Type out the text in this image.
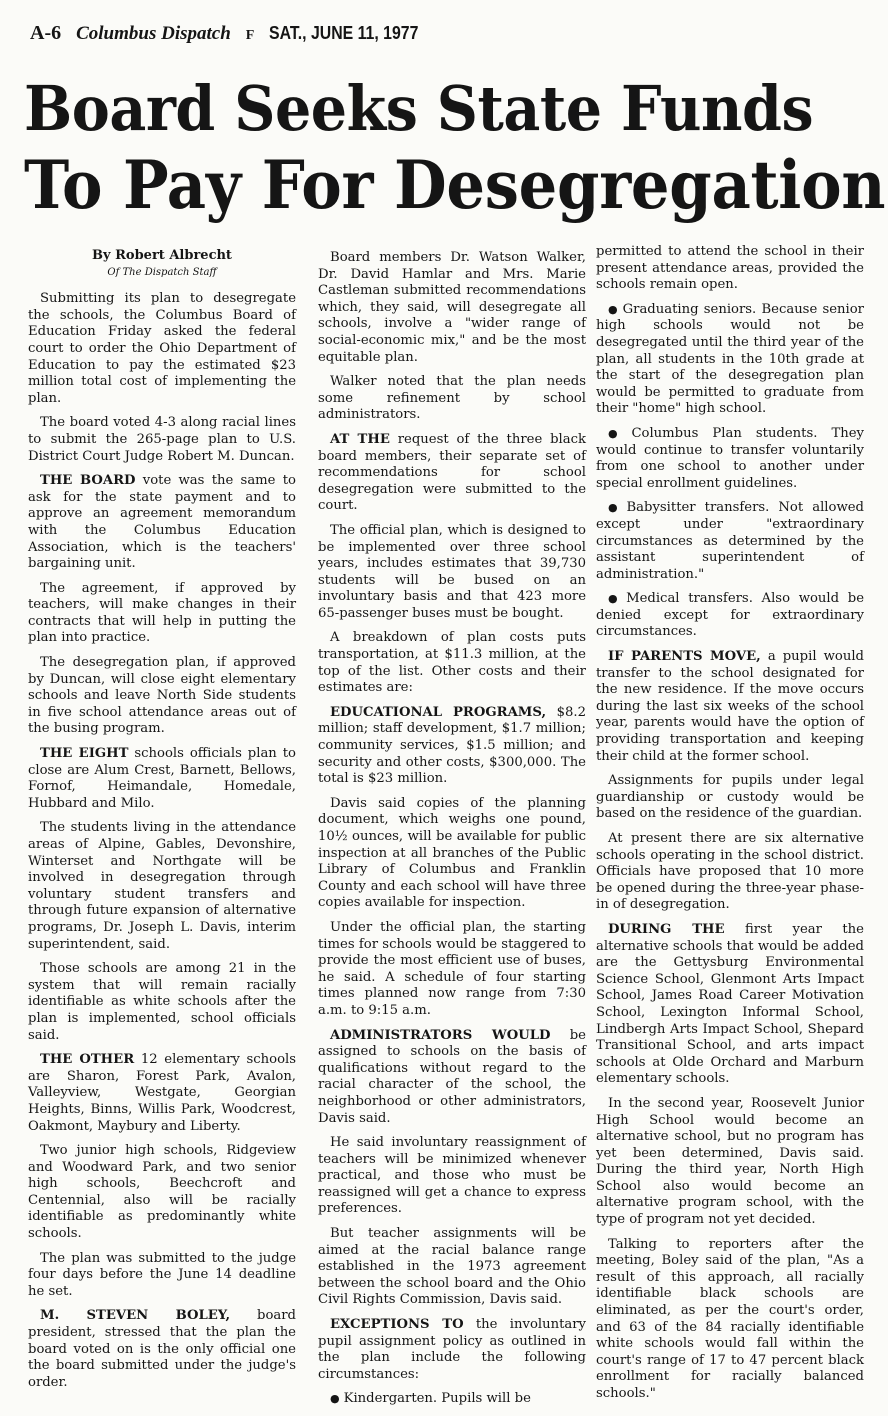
A-6 Columbus Dispatch F SAT., JUNE 11, 1977
Board Seeks State Funds
To Pay For Desegregation
By Robert Albrecht
Of The Dispatch Staff

Submitting its plan to desegregate the schools, the Columbus Board of Education Friday asked the federal court to order the Ohio Department of Education to pay the estimated $23 million total cost of implementing the plan.

The board voted 4-3 along racial lines to submit the 265-page plan to U.S. District Court Judge Robert M. Duncan.

THE BOARD vote was the same to ask for the state payment and to approve an agreement memorandum with the Columbus Education Association, which is the teachers' bargaining unit.

The agreement, if approved by teachers, will make changes in their contracts that will help in putting the plan into practice.

The desegregation plan, if approved by Duncan, will close eight elementary schools and leave North Side students in five school attendance areas out of the busing program.

THE EIGHT schools officials plan to close are Alum Crest, Barnett, Bellows, Fornof, Heimandale, Homedale, Hubbard and Milo.

The students living in the attendance areas of Alpine, Gables, Devonshire, Winterset and Northgate will be involved in desegregation through voluntary student transfers and through future expansion of alternative programs, Dr. Joseph L. Davis, interim superintendent, said.

Those schools are among 21 in the system that will remain racially identifiable as white schools after the plan is implemented, school officials said.

THE OTHER 12 elementary schools are Sharon, Forest Park, Avalon, Valleyview, Westgate, Georgian Heights, Binns, Willis Park, Woodcrest, Oakmont, Maybury and Liberty.

Two junior high schools, Ridgeview and Woodward Park, and two senior high schools, Beechcroft and Centennial, also will be racially identifiable as predominantly white schools.

The plan was submitted to the judge four days before the June 14 deadline he set.

M. STEVEN BOLEY, board president, stressed that the plan the board voted on is the only official one the board submitted under the judge's order.

Board members Dr. Watson Walker, Dr. David Hamlar and Mrs. Marie Castleman submitted recommendations which, they said, will desegregate all schools, involve a "wider range of social-economic mix," and be the most equitable plan.

Walker noted that the plan needs some refinement by school administrators.

AT THE request of the three black board members, their separate set of recommendations for school desegregation were submitted to the court.

The official plan, which is designed to be implemented over three school years, includes estimates that 39,730 students will be bused on an involuntary basis and that 423 more 65-passenger buses must be bought.

A breakdown of plan costs puts transportation, at $11.3 million, at the top of the list. Other costs and their estimates are:

EDUCATIONAL PROGRAMS, $8.2 million; staff development, $1.7 million; community services, $1.5 million; and security and other costs, $300,000. The total is $23 million.

Davis said copies of the planning document, which weighs one pound, 10½ ounces, will be available for public inspection at all branches of the Public Library of Columbus and Franklin County and each school will have three copies available for inspection.

Under the official plan, the starting times for schools would be staggered to provide the most efficient use of buses, he said. A schedule of four starting times planned now range from 7:30 a.m. to 9:15 a.m.

ADMINISTRATORS WOULD be assigned to schools on the basis of qualifications without regard to the racial character of the school, the neighborhood or other administrators, Davis said.

He said involuntary reassignment of teachers will be minimized whenever practical, and those who must be reassigned will get a chance to express preferences.

But teacher assignments will be aimed at the racial balance range established in the 1973 agreement between the school board and the Ohio Civil Rights Commission, Davis said.

EXCEPTIONS TO the involuntary pupil assignment policy as outlined in the plan include the following circumstances:

● Kindergarten. Pupils will be

permitted to attend the school in their present attendance areas, provided the schools remain open.

● Graduating seniors. Because senior high schools would not be desegregated until the third year of the plan, all students in the 10th grade at the start of the desegregation plan would be permitted to graduate from their "home" high school.

● Columbus Plan students. They would continue to transfer voluntarily from one school to another under special enrollment guidelines.

● Babysitter transfers. Not allowed except under "extraordinary circumstances as determined by the assistant superintendent of administration."

● Medical transfers. Also would be denied except for extraordinary circumstances.

IF PARENTS MOVE, a pupil would transfer to the school designated for the new residence. If the move occurs during the last six weeks of the school year, parents would have the option of providing transportation and keeping their child at the former school.

Assignments for pupils under legal guardianship or custody would be based on the residence of the guardian.

At present there are six alternative schools operating in the school district. Officials have proposed that 10 more be opened during the three-year phase-in of desegregation.

DURING THE first year the alternative schools that would be added are the Gettysburg Environmental Science School, Glenmont Arts Impact School, James Road Career Motivation School, Lexington Informal School, Lindbergh Arts Impact School, Shepard Transitional School, and arts impact schools at Olde Orchard and Marburn elementary schools.

In the second year, Roosevelt Junior High School would become an alternative school, but no program has yet been determined, Davis said. During the third year, North High School also would become an alternative program school, with the type of program not yet decided.

Talking to reporters after the meeting, Boley said of the plan, "As a result of this approach, all racially identifiable black schools are eliminated, as per the court's order, and 63 of the 84 racially identifiable white schools would fall within the court's range of 17 to 47 percent black enrollment for racially balanced schools."
